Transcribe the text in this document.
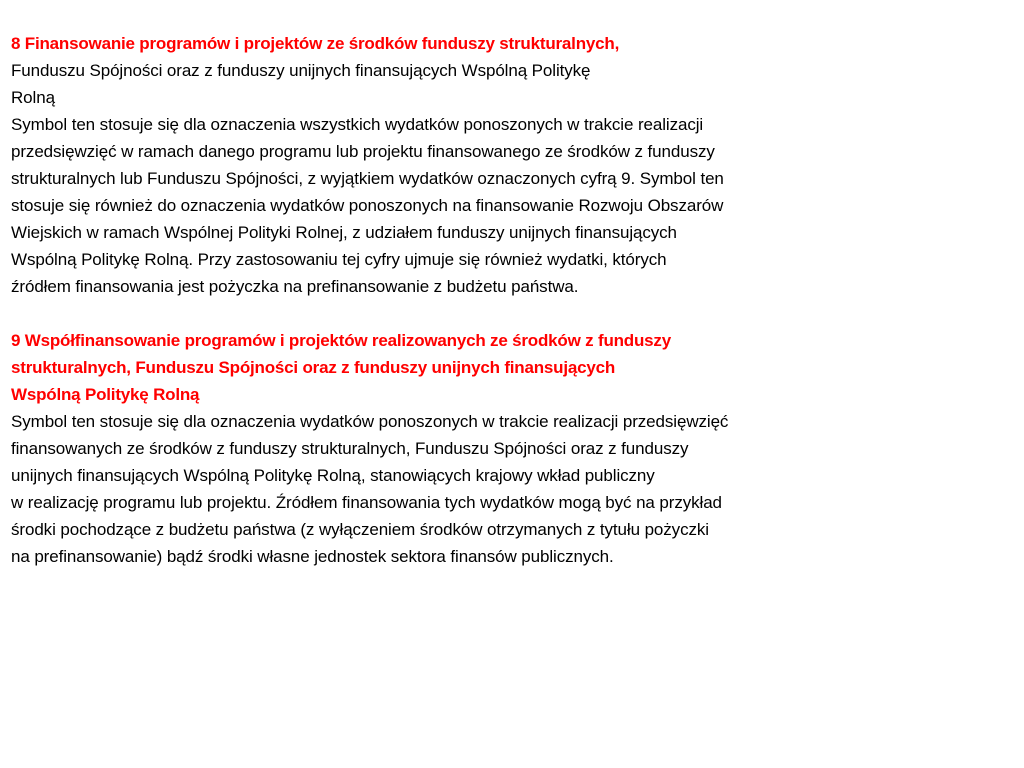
8 Finansowanie programów i projektów ze środków funduszy strukturalnych,
Funduszu Spójności oraz z funduszy unijnych finansujących Wspólną Politykę
Rolną
Symbol ten stosuje się dla oznaczenia wszystkich wydatków ponoszonych w trakcie realizacji
przedsięwzięć w ramach danego programu lub projektu finansowanego ze środków z funduszy
strukturalnych lub Funduszu Spójności, z wyjątkiem wydatków oznaczonych cyfrą 9. Symbol ten
stosuje się również do oznaczenia wydatków ponoszonych na finansowanie Rozwoju Obszarów
Wiejskich w ramach Wspólnej Polityki Rolnej, z udziałem funduszy unijnych finansujących
Wspólną Politykę Rolną. Przy zastosowaniu tej cyfry ujmuje się również wydatki, których
źródłem finansowania jest pożyczka na prefinansowanie z budżetu państwa.
9 Współfinansowanie programów i projektów realizowanych ze środków z funduszy
strukturalnych, Funduszu Spójności oraz z funduszy unijnych finansujących
Wspólną Politykę Rolną
Symbol ten stosuje się dla oznaczenia wydatków ponoszonych w trakcie realizacji przedsięwzięć
finansowanych ze środków z funduszy strukturalnych, Funduszu Spójności oraz z funduszy
unijnych finansujących Wspólną Politykę Rolną, stanowiących krajowy wkład publiczny
w realizację programu lub projektu. Źródłem finansowania tych wydatków mogą być na przykład
środki pochodzące z budżetu państwa (z wyłączeniem środków otrzymanych z tytułu pożyczki
na prefinansowanie) bądź środki własne jednostek sektora finansów publicznych.
